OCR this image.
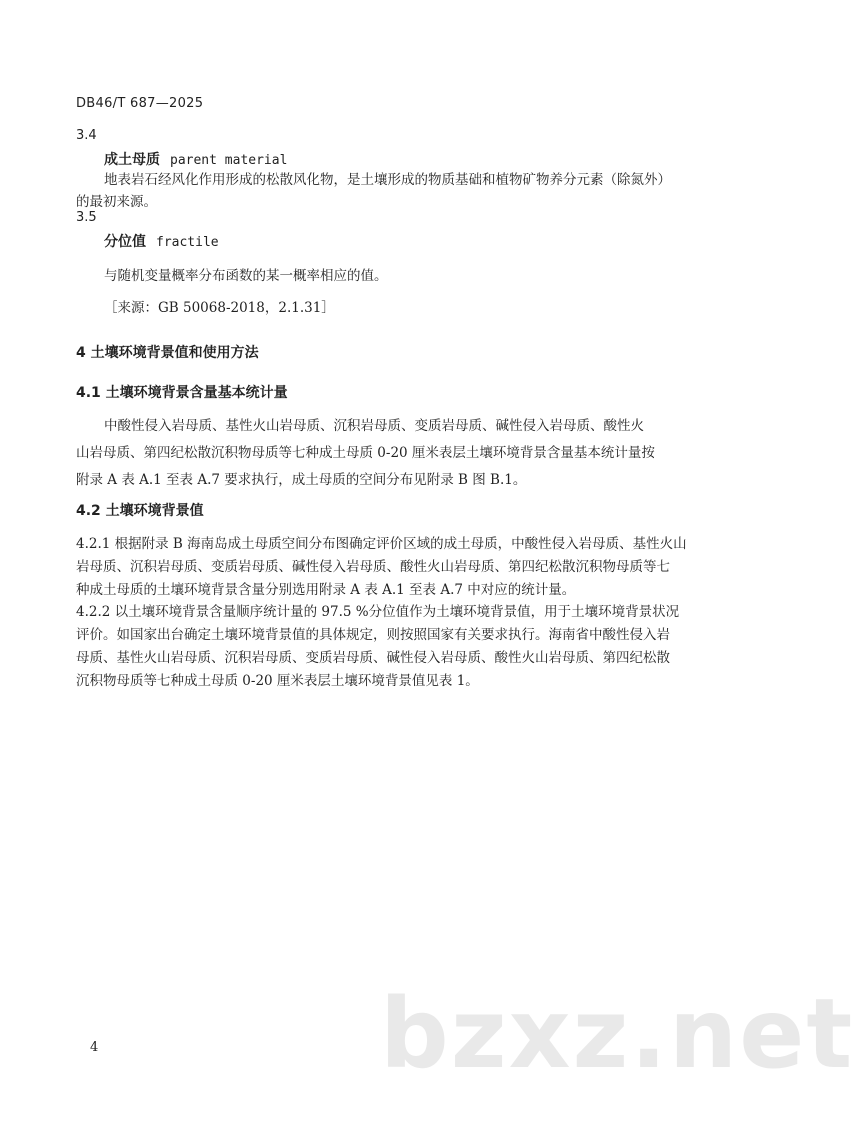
DB46/T 687—2025
3.4
成土母质 parent material
地表岩石经风化作用形成的松散风化物，是土壤形成的物质基础和植物矿物养分元素（除氮外）
的最初来源。
3.5
分位值 fractile
与随机变量概率分布函数的某一概率相应的值。
［来源：GB 50068-2018，2.1.31］
4 土壤环境背景值和使用方法
4.1 土壤环境背景含量基本统计量
中酸性侵入岩母质、基性火山岩母质、沉积岩母质、变质岩母质、碱性侵入岩母质、酸性火
山岩母质、第四纪松散沉积物母质等七种成土母质 0-20 厘米表层土壤环境背景含量基本统计量按
附录 A 表 A.1 至表 A.7 要求执行，成土母质的空间分布见附录 B 图 B.1。
4.2 土壤环境背景值
4.2.1 根据附录 B 海南岛成土母质空间分布图确定评价区域的成土母质，中酸性侵入岩母质、基性火山
岩母质、沉积岩母质、变质岩母质、碱性侵入岩母质、酸性火山岩母质、第四纪松散沉积物母质等七
种成土母质的土壤环境背景含量分别选用附录 A 表 A.1 至表 A.7 中对应的统计量。
4.2.2 以土壤环境背景含量顺序统计量的 97.5 %分位值作为土壤环境背景值，用于土壤环境背景状况
评价。如国家出台确定土壤环境背景值的具体规定，则按照国家有关要求执行。海南省中酸性侵入岩
母质、基性火山岩母质、沉积岩母质、变质岩母质、碱性侵入岩母质、酸性火山岩母质、第四纪松散
沉积物母质等七种成土母质 0-20 厘米表层土壤环境背景值见表 1。
bzxz.net
4
